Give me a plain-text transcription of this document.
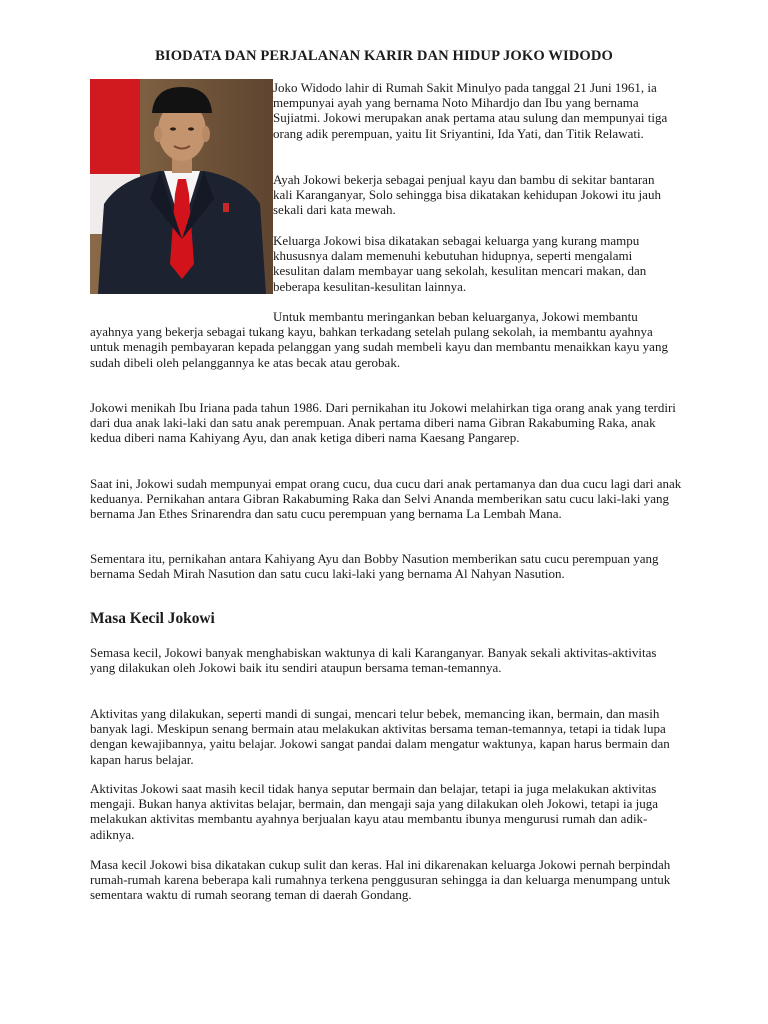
BIODATA DAN PERJALANAN KARIR DAN HIDUP JOKO WIDODO

Joko Widodo lahir di Rumah Sakit Minulyo pada tanggal 21 Juni 1961, ia mempunyai ayah yang bernama Noto Mihardjo dan Ibu yang bernama Sujiatmi. Jokowi merupakan anak pertama atau sulung dan mempunyai tiga orang adik perempuan, yaitu Iit Sriyantini, Ida Yati, dan Titik Relawati.

Ayah Jokowi bekerja sebagai penjual kayu dan bambu di sekitar bantaran kali Karanganyar, Solo sehingga bisa dikatakan kehidupan Jokowi itu jauh sekali dari kata mewah.

Keluarga Jokowi bisa dikatakan sebagai keluarga yang kurang mampu khususnya dalam memenuhi kebutuhan hidupnya, seperti mengalami kesulitan dalam membayar uang sekolah, kesulitan mencari makan, dan beberapa kesulitan-kesulitan lainnya.

Untuk membantu meringankan beban keluarganya, Jokowi membantu ayahnya yang bekerja sebagai tukang kayu, bahkan terkadang setelah pulang sekolah, ia membantu ayahnya untuk menagih pembayaran kepada pelanggan yang sudah membeli kayu dan membantu menaikkan kayu yang sudah dibeli oleh pelanggannya ke atas becak atau gerobak.

Jokowi menikah Ibu Iriana pada tahun 1986. Dari pernikahan itu Jokowi melahirkan tiga orang anak yang terdiri dari dua anak laki-laki dan satu anak perempuan. Anak pertama diberi nama Gibran Rakabuming Raka, anak kedua diberi nama Kahiyang Ayu, dan anak ketiga diberi nama Kaesang Pangarep.

Saat ini, Jokowi sudah mempunyai empat orang cucu, dua cucu dari anak pertamanya dan dua cucu lagi dari anak keduanya. Pernikahan antara Gibran Rakabuming Raka dan Selvi Ananda memberikan satu cucu laki-laki yang bernama Jan Ethes Srinarendra dan satu cucu perempuan yang bernama La Lembah Mana.

Sementara itu, pernikahan antara Kahiyang Ayu dan Bobby Nasution memberikan satu cucu perempuan yang bernama Sedah Mirah Nasution dan satu cucu laki-laki yang bernama Al Nahyan Nasution.

Masa Kecil Jokowi

Semasa kecil, Jokowi banyak menghabiskan waktunya di kali Karanganyar. Banyak sekali aktivitas-aktivitas yang dilakukan oleh Jokowi baik itu sendiri ataupun bersama teman-temannya.

Aktivitas yang dilakukan, seperti mandi di sungai, mencari telur bebek, memancing ikan, bermain, dan masih banyak lagi. Meskipun senang bermain atau melakukan aktivitas bersama teman-temannya, tetapi ia tidak lupa dengan kewajibannya, yaitu belajar. Jokowi sangat pandai dalam mengatur waktunya, kapan harus bermain dan kapan harus belajar.

Aktivitas Jokowi saat masih kecil tidak hanya seputar bermain dan belajar, tetapi ia juga melakukan aktivitas mengaji. Bukan hanya aktivitas belajar, bermain, dan mengaji saja yang dilakukan oleh Jokowi, tetapi ia juga melakukan aktivitas membantu ayahnya berjualan kayu atau membantu ibunya mengurusi rumah dan adik-adiknya.

Masa kecil Jokowi bisa dikatakan cukup sulit dan keras. Hal ini dikarenakan keluarga Jokowi pernah berpindah rumah-rumah karena beberapa kali rumahnya terkena penggusuran sehingga ia dan keluarga menumpang untuk sementara waktu di rumah seorang teman di daerah Gondang.
